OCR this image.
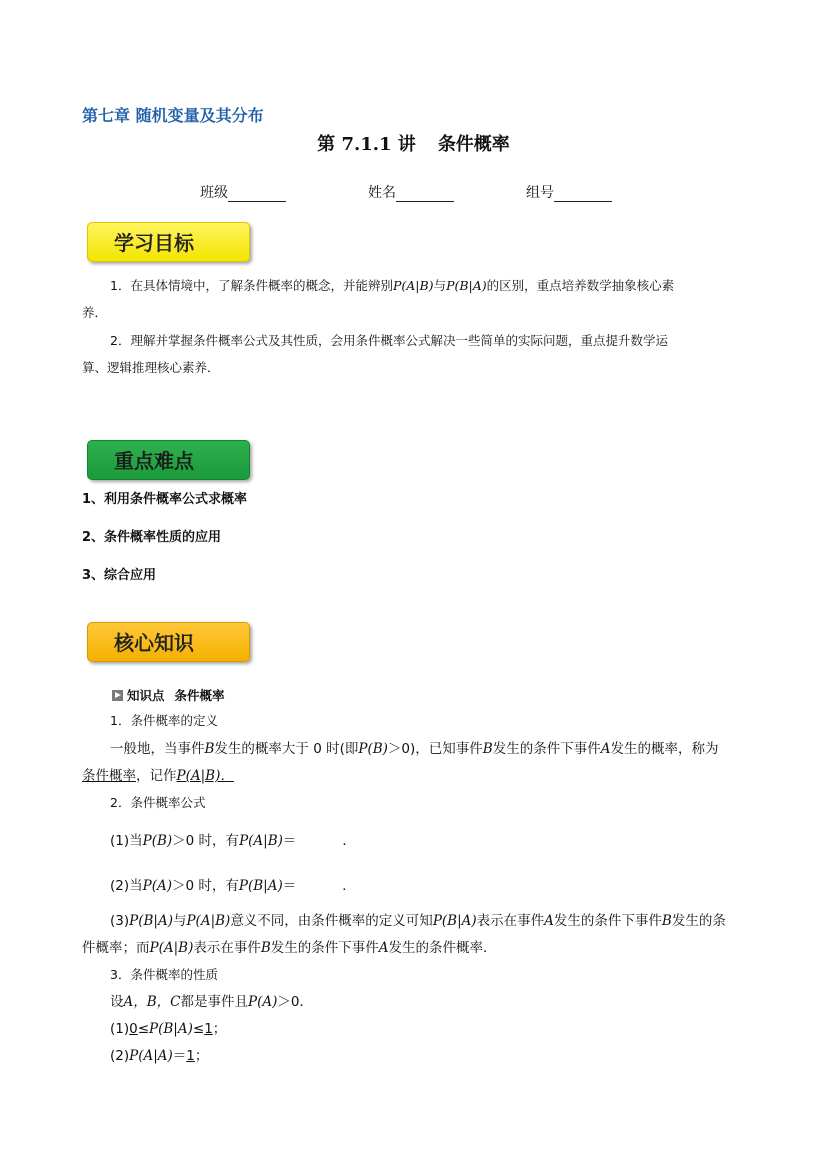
第七章 随机变量及其分布
第 7.1.1 讲 条件概率
班级	姓名	组号
学习目标
1．在具体情境中，了解条件概率的概念，并能辨别P(A|B)与P(B|A)的区别，重点培养数学抽象核心素
养．
2．理解并掌握条件概率公式及其性质，会用条件概率公式解决一些简单的实际问题，重点提升数学运
算、逻辑推理核心素养．
重点难点
1、利用条件概率公式求概率
2、条件概率性质的应用
3、综合应用
核心知识
知识点 条件概率
1．条件概率的定义
一般地，当事件B发生的概率大于 0 时(即P(B)＞0)，已知事件B发生的条件下事件A发生的概率，称为
条件概率，记作P(A|B)．
2．条件概率公式
(1)当P(B)＞0 时，有P(A|B)＝	．
(2)当P(A)＞0 时，有P(B|A)＝	．
(3)P(B|A)与P(A|B)意义不同，由条件概率的定义可知P(B|A)表示在事件A发生的条件下事件B发生的条
件概率；而P(A|B)表示在事件B发生的条件下事件A发生的条件概率．
3．条件概率的性质
设A，B，C都是事件且P(A)＞0．
(1)0≤P(B|A)≤1；
(2)P(A|A)＝1；
